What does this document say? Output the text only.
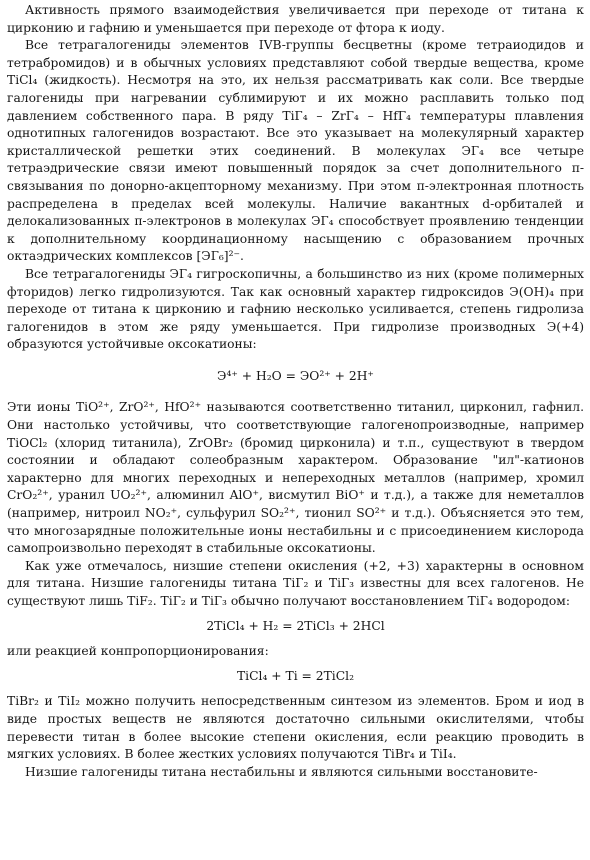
Активность прямого взаимодействия увеличивается при переходе от титана к цирконию и гафнию и уменьшается при переходе от фтора к иоду.

Все тетрагалогениды элементов IVB-группы бесцветны (кроме тетраиодидов и тетрабромидов) и в обычных условиях представляют собой твердые вещества, кроме TiCl₄ (жидкость). Несмотря на это, их нельзя рассматривать как соли. Все твердые галогениды при нагревании сублимируют и их можно расплавить только под давлением собственного пара. В ряду TiГ₄ – ZrГ₄ – HfГ₄ температуры плавления однотипных галогенидов возрастают. Все это указывает на молекулярный характер кристаллической решетки этих соединений. В молекулах ЭГ₄ все четыре тетраэдрические связи имеют повышенный порядок за счет дополнительного π-связывания по донорно-акцепторному механизму. При этом π-электронная плотность распределена в пределах всей молекулы. Наличие вакантных d-орбиталей и делокализованных π-электронов в молекулах ЭГ₄ способствует проявлению тенденции к дополнительному координационному насыщению с образованием прочных октаэдрических комплексов [ЭГ₆]²⁻.

Все тетрагалогениды ЭГ₄ гигроскопичны, а большинство из них (кроме полимерных фторидов) легко гидролизуются. Так как основный характер гидроксидов Э(OH)₄ при переходе от титана к цирконию и гафнию несколько усиливается, степень гидролиза галогенидов в этом же ряду уменьшается. При гидролизе производных Э(+4) образуются устойчивые оксокатионы:

Э⁴⁺ + H₂O = ЭO²⁺ + 2H⁺

Эти ионы TiO²⁺, ZrO²⁺, HfO²⁺ называются соответственно титанил, цирконил, гафнил. Они настолько устойчивы, что соответствующие галогенопроизводные, например TiOCl₂ (хлорид титанила), ZrOBr₂ (бромид цирконила) и т.п., существуют в твердом состоянии и обладают солеобразным характером. Образование "ил"-катионов характерно для многих переходных и непереходных металлов (например, хромил CrO₂²⁺, уранил UO₂²⁺, алюминил AlO⁺, висмутил BiO⁺ и т.д.), а также для неметаллов (например, нитроил NO₂⁺, сульфурил SO₂²⁺, тионил SO²⁺ и т.д.). Объясняется это тем, что многозарядные положительные ионы нестабильны и с присоединением кислорода самопроизвольно переходят в стабильные оксокатионы.

Как уже отмечалось, низшие степени окисления (+2, +3) характерны в основном для титана. Низшие галогениды титана TiГ₂ и TiГ₃ известны для всех галогенов. Не существуют лишь TiF₂. TiГ₂ и TiГ₃ обычно получают восстановлением TiГ₄ водородом:

2TiCl₄ + H₂ = 2TiCl₃ + 2HCl

или реакцией конпропорционирования:

TiCl₄ + Ti = 2TiCl₂

TiBr₂ и TiI₂ можно получить непосредственным синтезом из элементов. Бром и иод в виде простых веществ не являются достаточно сильными окислителями, чтобы перевести титан в более высокие степени окисления, если реакцию проводить в мягких условиях. В более жестких условиях получаются TiBr₄ и TiI₄.

Низшие галогениды титана нестабильны и являются сильными восстановите-
